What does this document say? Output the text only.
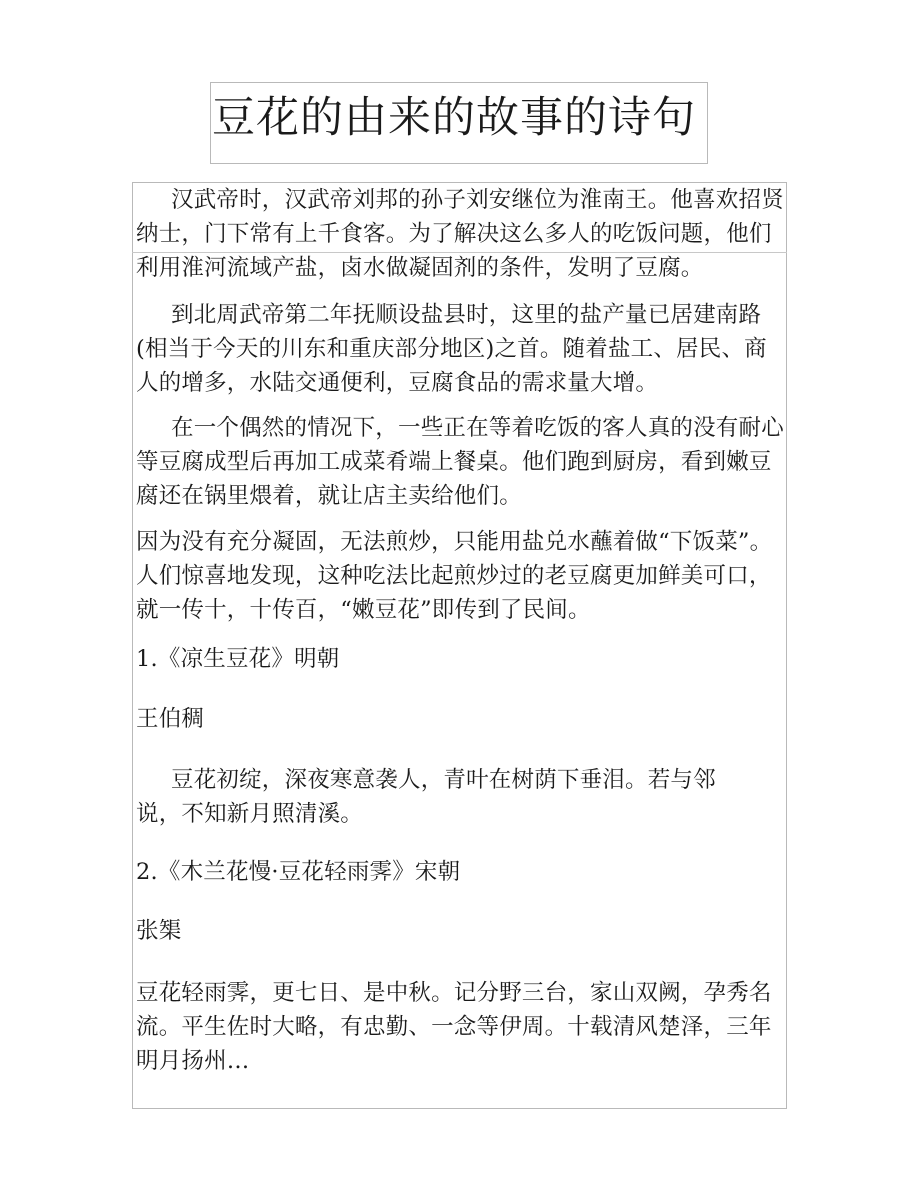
豆花的由来的故事的诗句

汉武帝时，汉武帝刘邦的孙子刘安继位为淮南王。他喜欢招贤纳士，门下常有上千食客。为了解决这么多人的吃饭问题，他们利用淮河流域产盐，卤水做凝固剂的条件，发明了豆腐。

到北周武帝第二年抚顺设盐县时，这里的盐产量已居建南路(相当于今天的川东和重庆部分地区)之首。随着盐工、居民、商人的增多，水陆交通便利，豆腐食品的需求量大增。

在一个偶然的情况下，一些正在等着吃饭的客人真的没有耐心等豆腐成型后再加工成菜肴端上餐桌。他们跑到厨房，看到嫩豆腐还在锅里煨着，就让店主卖给他们。

因为没有充分凝固，无法煎炒，只能用盐兑水蘸着做“下饭菜”。人们惊喜地发现，这种吃法比起煎炒过的老豆腐更加鲜美可口，就一传十，十传百，“嫩豆花”即传到了民间。

1.《凉生豆花》明朝

王伯稠

豆花初绽，深夜寒意袭人，青叶在树荫下垂泪。若与邻说，不知新月照清溪。

2.《木兰花慢·豆花轻雨霁》宋朝

张榘

豆花轻雨霁，更七日、是中秋。记分野三台，家山双阙，孕秀名流。平生佐时大略，有忠勤、一念等伊周。十载清风楚泽，三年明月扬州…
